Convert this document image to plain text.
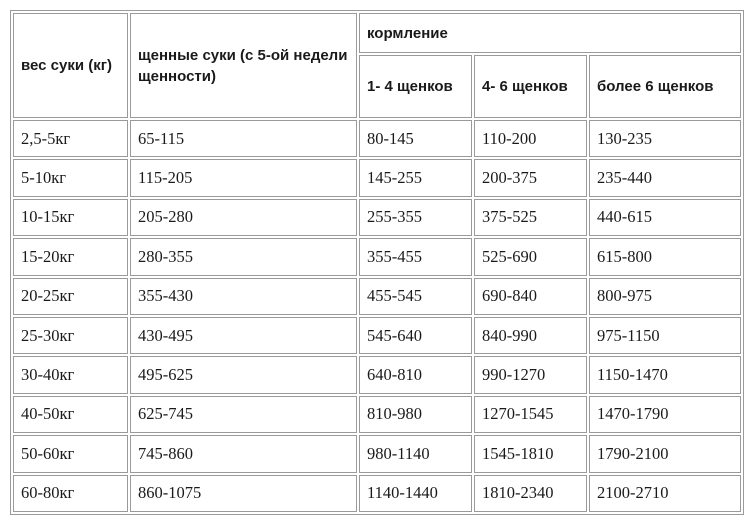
вес суки (кг)	щенные суки (с 5-ой недели щенности)	кормление		
		1- 4 щенков	4- 6 щенков	более 6 щенков
2,5-5кг	65-115	80-145	110-200	130-235
5-10кг	115-205	145-255	200-375	235-440
10-15кг	205-280	255-355	375-525	440-615
15-20кг	280-355	355-455	525-690	615-800
20-25кг	355-430	455-545	690-840	800-975
25-30кг	430-495	545-640	840-990	975-1150
30-40кг	495-625	640-810	990-1270	1150-1470
40-50кг	625-745	810-980	1270-1545	1470-1790
50-60кг	745-860	980-1140	1545-1810	1790-2100
60-80кг	860-1075	1140-1440	1810-2340	2100-2710
